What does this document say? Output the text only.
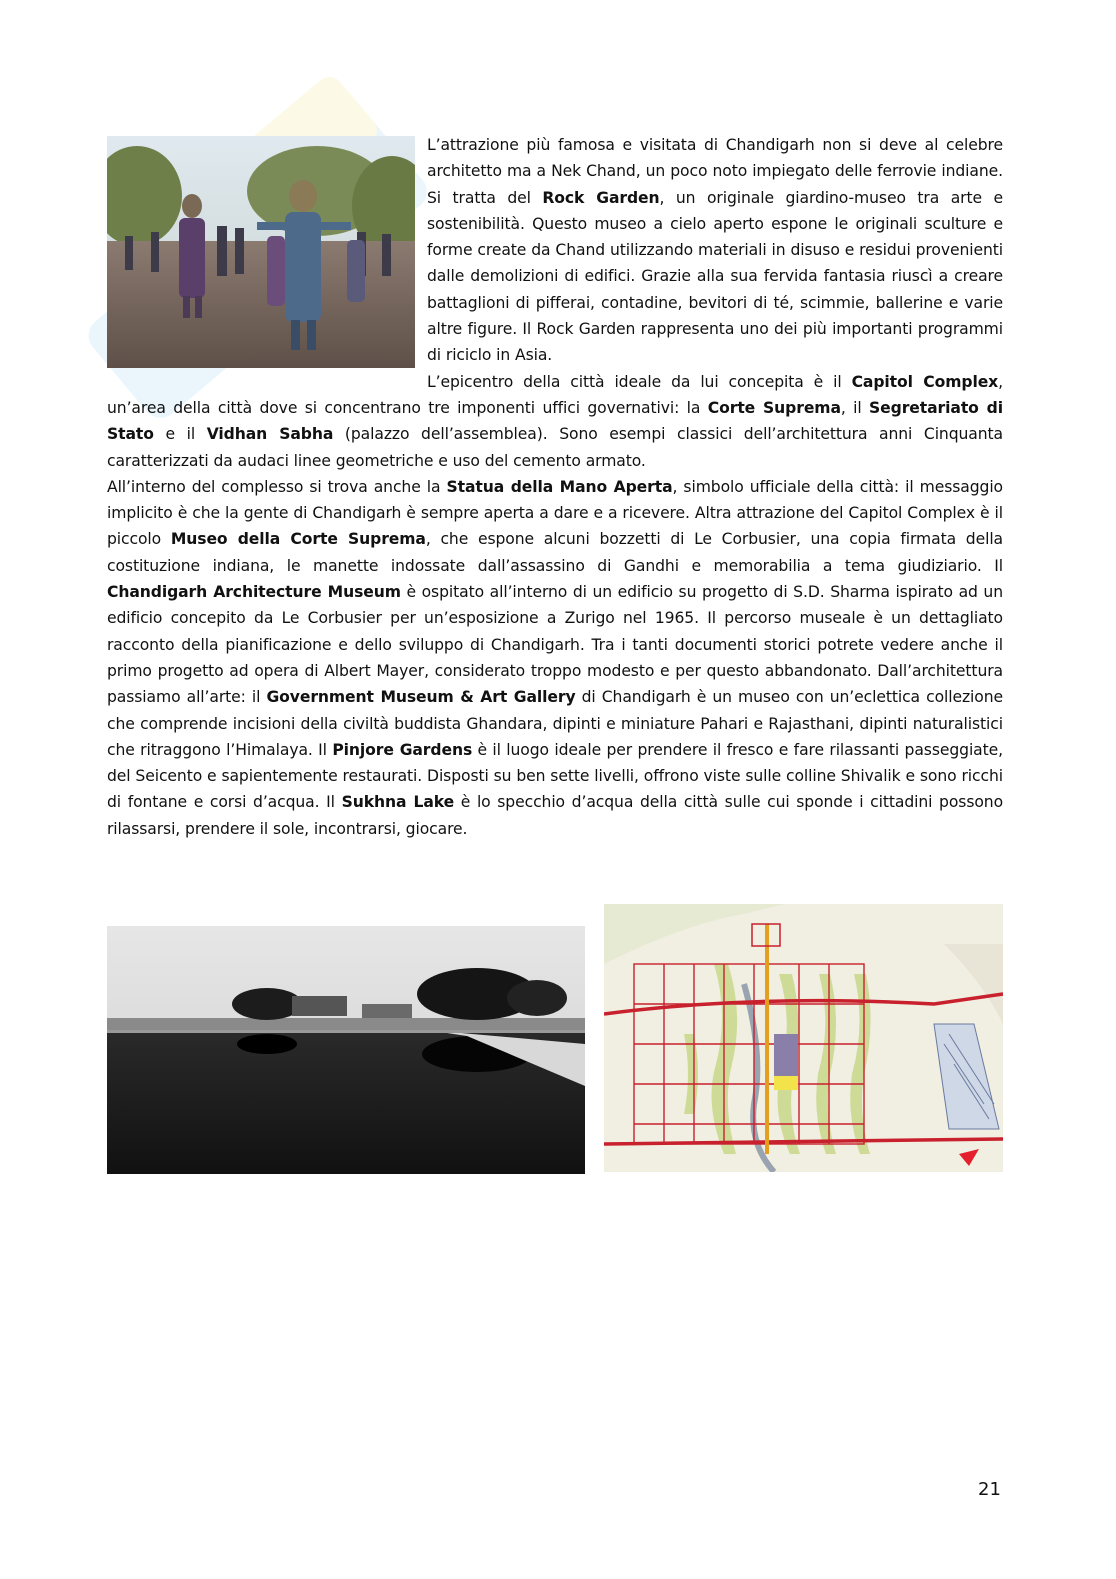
L’attrazione più famosa e visitata di Chandigarh non si deve al celebre architetto ma a Nek Chand, un poco noto impiegato delle ferrovie indiane. Si tratta del Rock Garden, un originale giardino-museo tra arte e sostenibilità. Questo museo a cielo aperto espone le originali sculture e forme create da Chand utilizzando materiali in disuso e residui provenienti dalle demolizioni di edifici. Grazie alla sua fervida fantasia riuscì a creare battaglioni di pifferai, contadine, bevitori di té, scimmie, ballerine e varie altre figure. Il Rock Garden rappresenta uno dei più importanti programmi di riciclo in Asia.

L’epicentro della città ideale da lui concepita è il Capitol Complex, un’area della città dove si concentrano tre imponenti uffici governativi: la Corte Suprema, il Segretariato di Stato e il Vidhan Sabha (palazzo dell’assemblea). Sono esempi classici dell’architettura anni Cinquanta caratterizzati da audaci linee geometriche e uso del cemento armato.

All’interno del complesso si trova anche la Statua della Mano Aperta, simbolo ufficiale della città: il messaggio implicito è che la gente di Chandigarh è sempre aperta a dare e a ricevere. Altra attrazione del Capitol Complex è il piccolo Museo della Corte Suprema, che espone alcuni bozzetti di Le Corbusier, una copia firmata della costituzione indiana, le manette indossate dall’assassino di Gandhi e memorabilia a tema giudiziario. Il Chandigarh Architecture Museum è ospitato all’interno di un edificio su progetto di S.D. Sharma ispirato ad un edificio concepito da Le Corbusier per un’esposizione a Zurigo nel 1965. Il percorso museale è un dettagliato racconto della pianificazione e dello sviluppo di Chandigarh. Tra i tanti documenti storici potrete vedere anche il primo progetto ad opera di Albert Mayer, considerato troppo modesto e per questo abbandonato. Dall’architettura passiamo all’arte: il Government Museum & Art Gallery di Chandigarh è un museo con un’eclettica collezione che comprende incisioni della civiltà buddista Ghandara, dipinti e miniature Pahari e Rajasthani, dipinti naturalistici che ritraggono l’Himalaya. Il Pinjore Gardens è il luogo ideale per prendere il fresco e fare rilassanti passeggiate, del Seicento e sapientemente restaurati. Disposti su ben sette livelli, offrono viste sulle colline Shivalik e sono ricchi di fontane e corsi d’acqua. Il Sukhna Lake è lo specchio d’acqua della città sulle cui sponde i cittadini possono rilassarsi, prendere il sole, incontrarsi, giocare.

21
